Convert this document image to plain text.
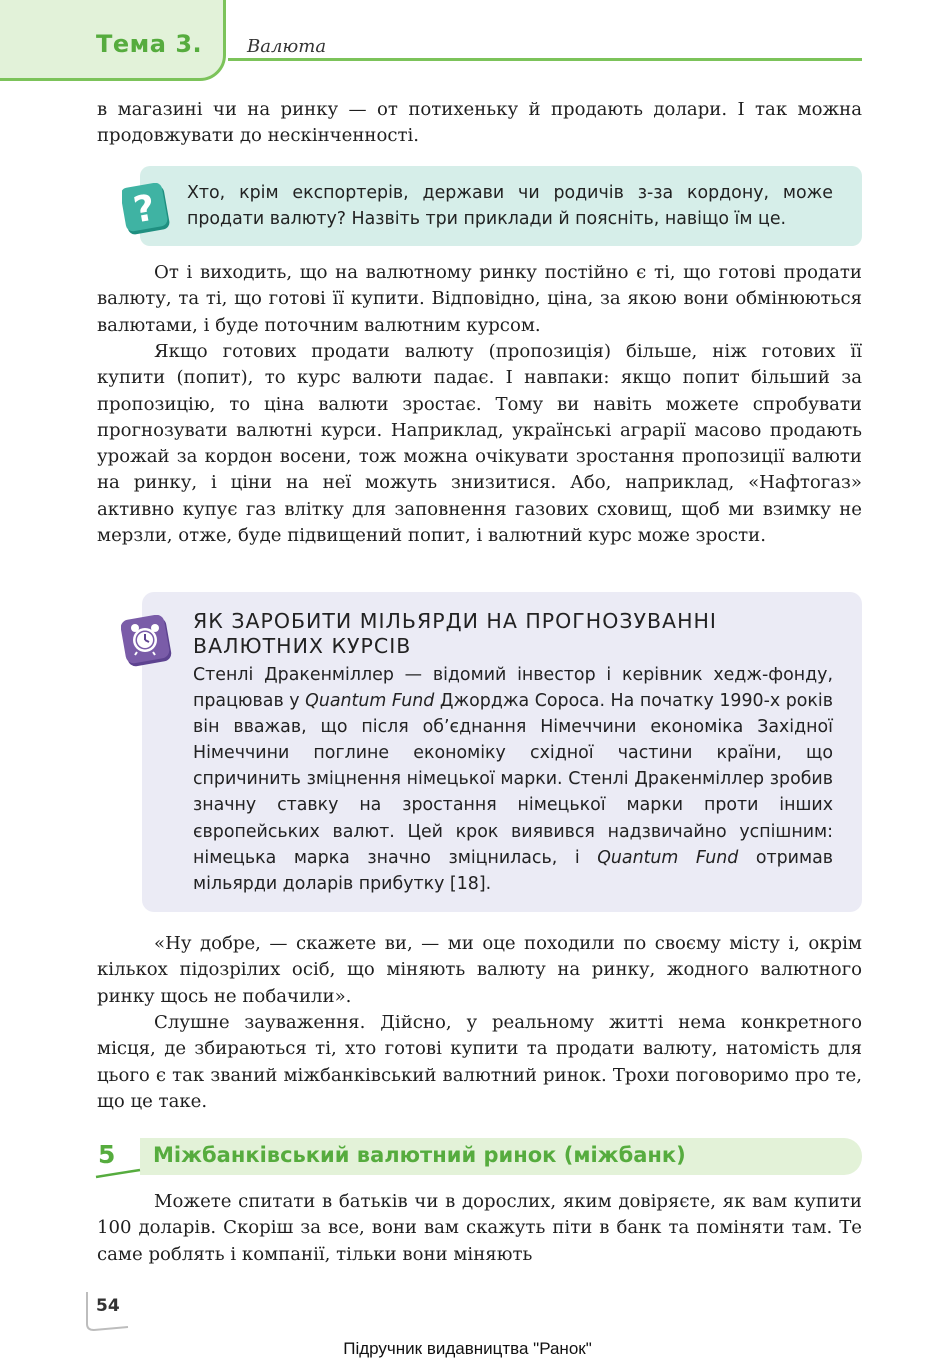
Тема 3. Валюта

в магазині чи на ринку — от потихеньку й продають долари. І так можна продовжувати до нескінченності.

? Хто, крім експортерів, держави чи родичів з-за кордону, може продати валюту? Назвіть три приклади й поясніть, навіщо їм це.

От і виходить, що на валютному ринку постійно є ті, що готові продати валюту, та ті, що готові її купити. Відповідно, ціна, за якою вони обмінюються валютами, і буде поточним валютним курсом.

Якщо готових продати валюту (пропозиція) більше, ніж готових її купити (попит), то курс валюти падає. І навпаки: якщо попит більший за пропозицію, то ціна валюти зростає. Тому ви навіть можете спробувати прогнозувати валютні курси. Наприклад, українські аграрії масово продають урожай за кордон восени, тож можна очікувати зростання пропозиції валюти на ринку, і ціни на неї можуть знизитися. Або, наприклад, «Нафтогаз» активно купує газ влітку для заповнення газових сховищ, щоб ми взимку не мерзли, отже, буде підвищений попит, і валютний курс може зрости.

ЯК ЗАРОБИТИ МІЛЬЯРДИ НА ПРОГНОЗУВАННІ ВАЛЮТНИХ КУРСІВ

Стенлі Дракенміллер — відомий інвестор і керівник хедж-фонду, працював у Quantum Fund Джорджа Сороса. На початку 1990-х років він вважав, що після об’єднання Німеччини економіка Західної Німеччини поглине економіку східної частини країни, що спричинить зміцнення німецької марки. Стенлі Дракенміллер зробив значну ставку на зростання німецької марки проти інших європейських валют. Цей крок виявився надзвичайно успішним: німецька марка значно зміцнилась, і Quantum Fund отримав мільярди доларів прибутку [18].

«Ну добре, — скажете ви, — ми оце походили по своєму місту і, окрім кількох підозрілих осіб, що міняють валюту на ринку, жодного валютного ринку щось не побачили».

Слушне зауваження. Дійсно, у реальному житті нема конкретного місця, де збираються ті, хто готові купити та продати валюту, натомість для цього є так званий міжбанківський валютний ринок. Трохи поговоримо про те, що це таке.

5 Міжбанківський валютний ринок (міжбанк)

Можете спитати в батьків чи в дорослих, яким довіряєте, як вам купити 100 доларів. Скоріш за все, вони вам скажуть піти в банк та поміняти там. Те саме роблять і компанії, тільки вони міняють

54
Підручник видавництва "Ранок"
